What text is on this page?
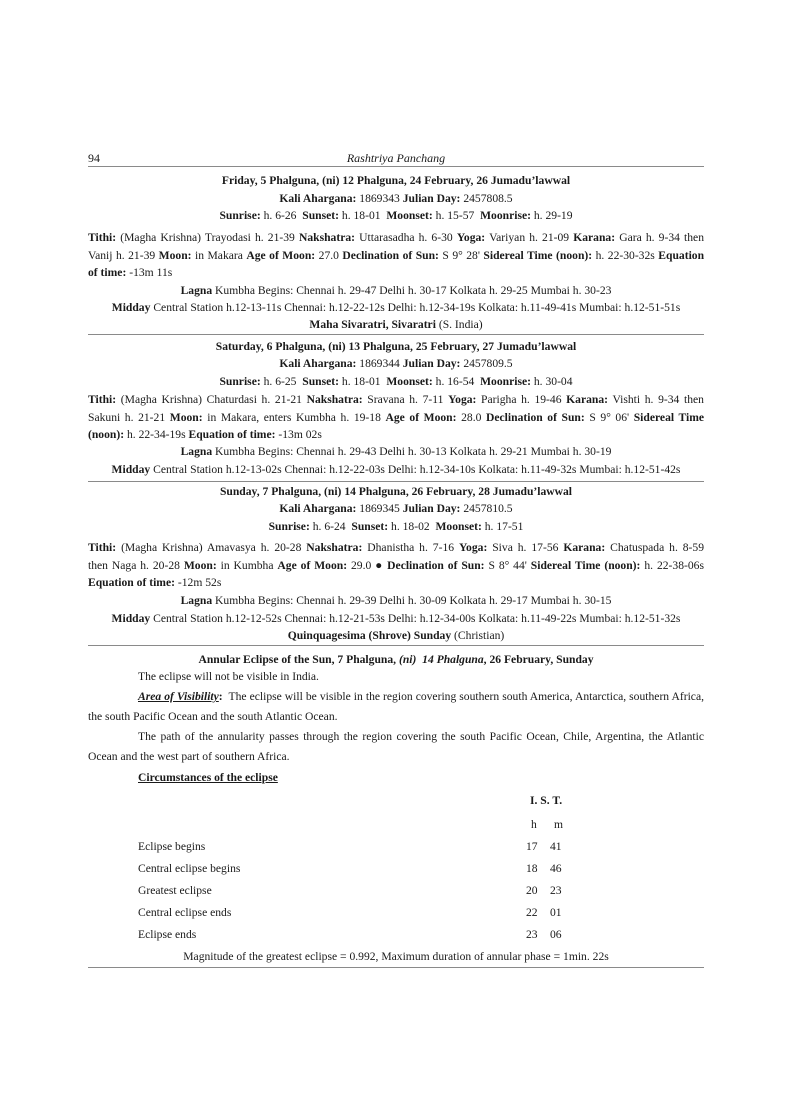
94	Rashtriya Panchang
Friday, 5 Phalguna, (ni) 12 Phalguna, 24 February, 26 Jumadu’lawwal
Kali Ahargana: 1869343 Julian Day: 2457808.5
Sunrise: h. 6-26 Sunset: h. 18-01 Moonset: h. 15-57 Moonrise: h. 29-19
Tithi: (Magha Krishna) Trayodasi h. 21-39 Nakshatra: Uttarasadha h. 6-30 Yoga: Variyan h. 21-09 Karana: Gara h. 9-34 then
Vanij h. 21-39 Moon: in Makara Age of Moon: 27.0 Declination of Sun: S 9° 28' Sidereal Time (noon): h. 22-30-32s Equation
of time: -13m 11s
Lagna Kumbha Begins: Chennai h. 29-47 Delhi h. 30-17 Kolkata h. 29-25 Mumbai h. 30-23
Midday Central Station h.12-13-11s Chennai: h.12-22-12s Delhi: h.12-34-19s Kolkata: h.11-49-41s Mumbai: h.12-51-51s
Maha Sivaratri, Sivaratri (S. India)
Saturday, 6 Phalguna, (ni) 13 Phalguna, 25 February, 27 Jumadu’lawwal
Kali Ahargana: 1869344 Julian Day: 2457809.5
Sunrise: h. 6-25 Sunset: h. 18-01 Moonset: h. 16-54 Moonrise: h. 30-04
Tithi: (Magha Krishna) Chaturdasi h. 21-21 Nakshatra: Sravana h. 7-11 Yoga: Parigha h. 19-46 Karana: Vishti h. 9-34 then
Sakuni h. 21-21 Moon: in Makara, enters Kumbha h. 19-18 Age of Moon: 28.0 Declination of Sun: S 9° 06' Sidereal Time
(noon): h. 22-34-19s Equation of time: -13m 02s
Lagna Kumbha Begins: Chennai h. 29-43 Delhi h. 30-13 Kolkata h. 29-21 Mumbai h. 30-19
Midday Central Station h.12-13-02s Chennai: h.12-22-03s Delhi: h.12-34-10s Kolkata: h.11-49-32s Mumbai: h.12-51-42s
Sunday, 7 Phalguna, (ni) 14 Phalguna, 26 February, 28 Jumadu’lawwal
Kali Ahargana: 1869345 Julian Day: 2457810.5
Sunrise: h. 6-24 Sunset: h. 18-02 Moonset: h. 17-51
Tithi: (Magha Krishna) Amavasya h. 20-28 Nakshatra: Dhanistha h. 7-16 Yoga: Siva h. 17-56 Karana: Chatuspada h. 8-59
then Naga h. 20-28 Moon: in Kumbha Age of Moon: 29.0 ● Declination of Sun: S 8° 44' Sidereal Time (noon): h. 22-38-06s
Equation of time: -12m 52s
Lagna Kumbha Begins: Chennai h. 29-39 Delhi h. 30-09 Kolkata h. 29-17 Mumbai h. 30-15
Midday Central Station h.12-12-52s Chennai: h.12-21-53s Delhi: h.12-34-00s Kolkata: h.11-49-22s Mumbai: h.12-51-32s
Quinquagesima (Shrove) Sunday (Christian)
Annular Eclipse of the Sun, 7 Phalguna, (ni) 14 Phalguna, 26 February, Sunday
The eclipse will not be visible in India.
Area of Visibility: The eclipse will be visible in the region covering southern south America, Antarctica, southern Africa, the south Pacific Ocean and the south Atlantic Ocean.
The path of the annularity passes through the region covering the south Pacific Ocean, Chile, Argentina, the Atlantic Ocean and the west part of southern Africa.
Circumstances of the eclipse
I. S. T.
h m
Eclipse begins	17 41
Central eclipse begins	18 46
Greatest eclipse	20 23
Central eclipse ends	22 01
Eclipse ends	23 06
Magnitude of the greatest eclipse = 0.992, Maximum duration of annular phase = 1min. 22s
